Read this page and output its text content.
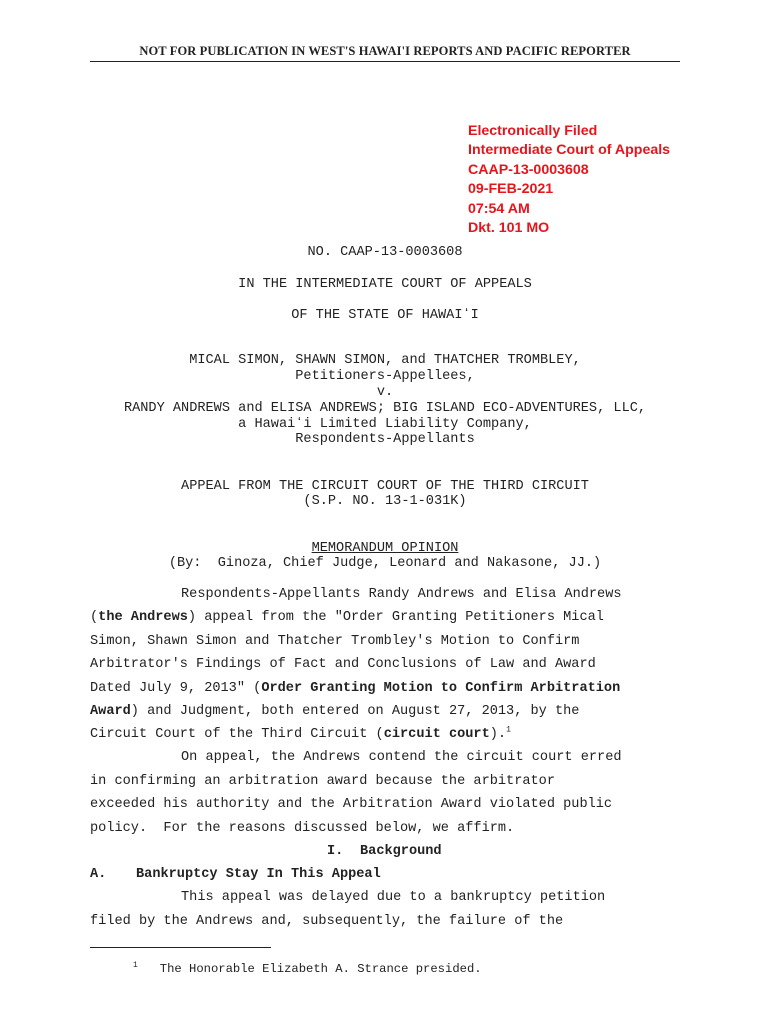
NOT FOR PUBLICATION IN WEST'S HAWAI'I REPORTS AND PACIFIC REPORTER
Electronically Filed
Intermediate Court of Appeals
CAAP-13-0003608
09-FEB-2021
07:54 AM
Dkt. 101 MO
NO. CAAP-13-0003608
IN THE INTERMEDIATE COURT OF APPEALS
OF THE STATE OF HAWAIʻI
MICAL SIMON, SHAWN SIMON, and THATCHER TROMBLEY,
Petitioners-Appellees,
v.
RANDY ANDREWS and ELISA ANDREWS; BIG ISLAND ECO-ADVENTURES, LLC,
a Hawaiʻi Limited Liability Company,
Respondents-Appellants
APPEAL FROM THE CIRCUIT COURT OF THE THIRD CIRCUIT
(S.P. NO. 13-1-031K)
MEMORANDUM OPINION
(By:  Ginoza, Chief Judge, Leonard and Nakasone, JJ.)
Respondents-Appellants Randy Andrews and Elisa Andrews
(the Andrews) appeal from the "Order Granting Petitioners Mical
Simon, Shawn Simon and Thatcher Trombley's Motion to Confirm
Arbitrator's Findings of Fact and Conclusions of Law and Award
Dated July 9, 2013" (Order Granting Motion to Confirm Arbitration
Award) and Judgment, both entered on August 27, 2013, by the
Circuit Court of the Third Circuit (circuit court).$^1$
On appeal, the Andrews contend the circuit court erred
in confirming an arbitration award because the arbitrator
exceeded his authority and the Arbitration Award violated public
policy.  For the reasons discussed below, we affirm.
I. Background
A. Bankruptcy Stay In This Appeal
This appeal was delayed due to a bankruptcy petition
filed by the Andrews and, subsequently, the failure of the
$^1$ The Honorable Elizabeth A. Strance presided.
